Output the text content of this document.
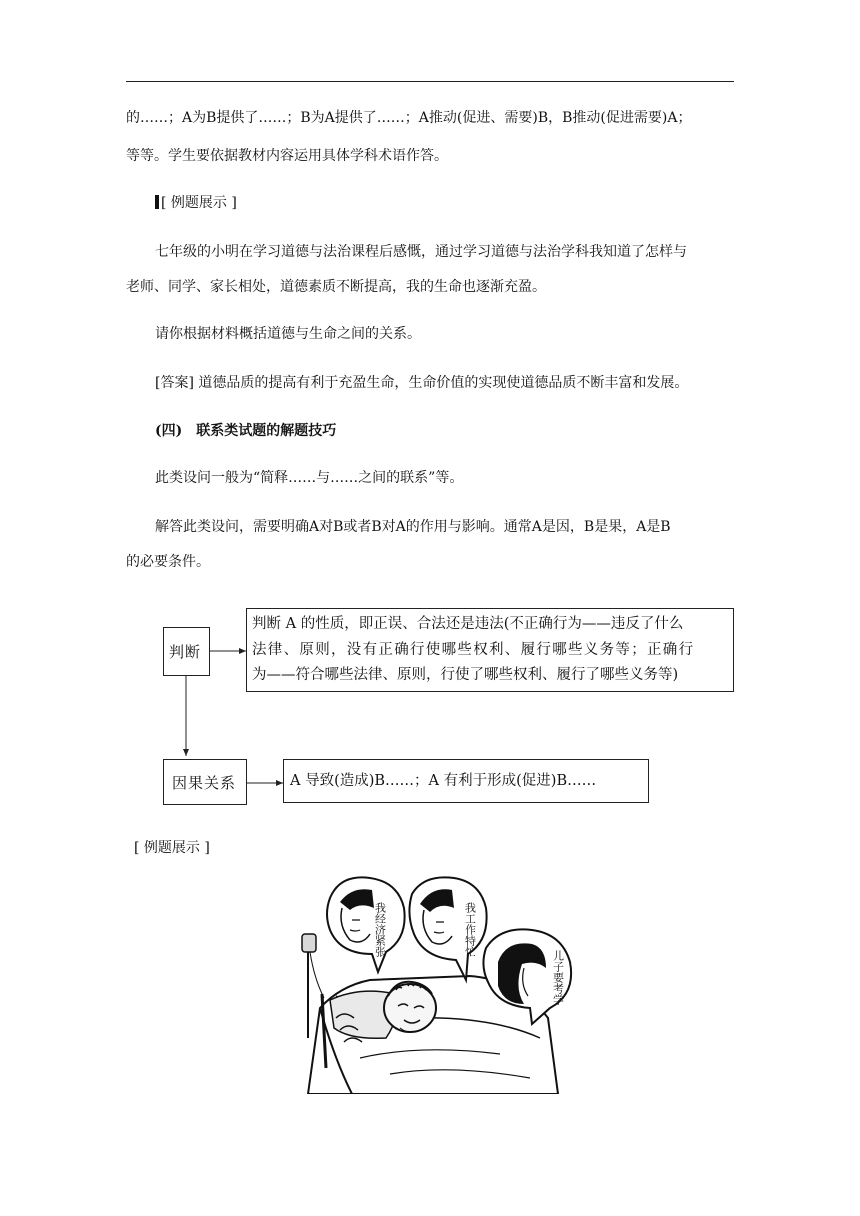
的……；A为B提供了……；B为A提供了……；A推动(促进、需要)B，B推动(促进需要)A；
等等。学生要依据教材内容运用具体学科术语作答。
[ 例题展示 ]
七年级的小明在学习道德与法治课程后感慨，通过学习道德与法治学科我知道了怎样与
老师、同学、家长相处，道德素质不断提高，我的生命也逐渐充盈。
请你根据材料概括道德与生命之间的关系。
[答案] 道德品质的提高有利于充盈生命，生命价值的实现使道德品质不断丰富和发展。
(四)　联系类试题的解题技巧
此类设问一般为“简释……与……之间的联系”等。
解答此类设问，需要明确A对B或者B对A的作用与影响。通常A是因，B是果，A是B
的必要条件。
判断
判断 A 的性质，即正误、合法还是违法(不正确行为——违反了什么
法律、原则，没有正确行使哪些权利、履行哪些义务等；正确行
为——符合哪些法律、原则，行使了哪些权利、履行了哪些义务等)
因果关系	A 导致(造成)B……；A 有利于形成(促进)B……
[ 例题展示 ]
我经济紧张	我工作特忙
儿子要考学
